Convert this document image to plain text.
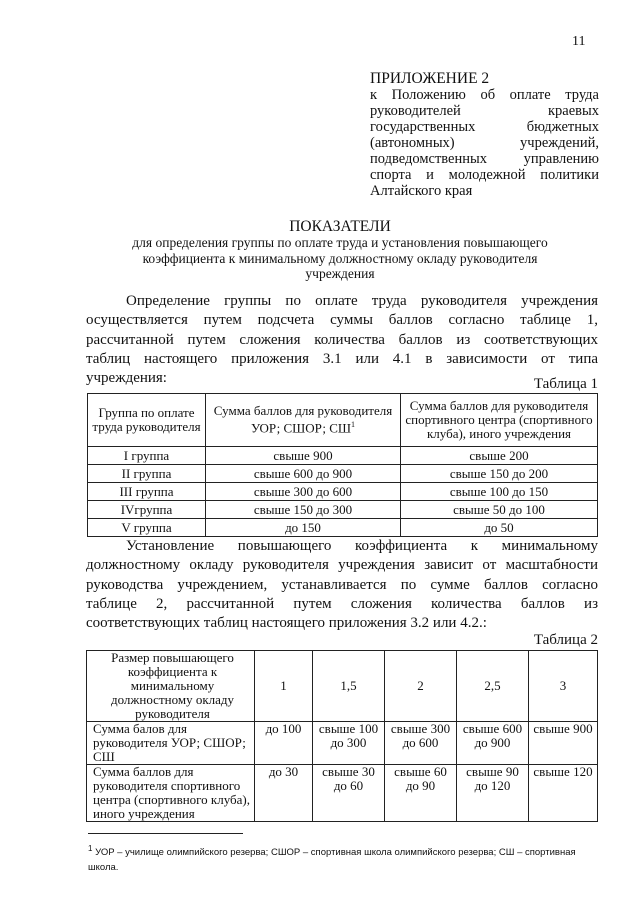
11
ПРИЛОЖЕНИЕ 2
к Положению об оплате труда
руководителей краевых
государственных бюджетных
(автономных) учреждений,
подведомственных управлению
спорта и молодежной политики
Алтайского края
ПОКАЗАТЕЛИ
для определения группы по оплате труда и установления повышающего
коэффициента к минимальному должностному окладу руководителя
учреждения
Определение группы по оплате труда руководителя учреждения
осуществляется путем подсчета суммы баллов согласно таблице 1,
рассчитанной путем сложения количества баллов из соответствующих
таблиц настоящего приложения 3.1 или 4.1 в зависимости от типа
учреждения:	Таблица 1
Группа по оплате труда руководителя	Сумма баллов для руководителя УОР; СШОР; $СШ^1$	Сумма баллов для руководителя спортивного центра (спортивного клуба), иного учреждения
I группа	свыше 900	свыше 200
II группа	свыше 600 до 900	свыше 150 до 200
III группа	свыше 300 до 600	свыше 100 до 150
IVгруппа	свыше 150 до 300	свыше 50 до 100
V группа	до 150	до 50
Установление повышающего коэффициента к минимальному
должностному окладу руководителя учреждения зависит от масштабности
руководства учреждением, устанавливается по сумме баллов согласно
таблице 2, рассчитанной путем сложения количества баллов из
соответствующих таблиц настоящего приложения 3.2 или 4.2.:
Таблица 2
Размер повышающего коэффициента к минимальному должностному окладу руководителя	1	1,5	2	2,5	3
Сумма балов для руководителя УОР; СШОР; СШ	до 100	свыше 100 до 300	свыше 300 до 600	свыше 600 до 900	свыше 900
Сумма баллов для руководителя спортивного центра (спортивного клуба), иного учреждения	до 30	свыше 30 до 60	свыше 60 до 90	свыше 90 до 120	свыше 120
$^1$ УОР – училище олимпийского резерва; СШОР – спортивная школа олимпийского резерва; СШ – спортивная школа.
